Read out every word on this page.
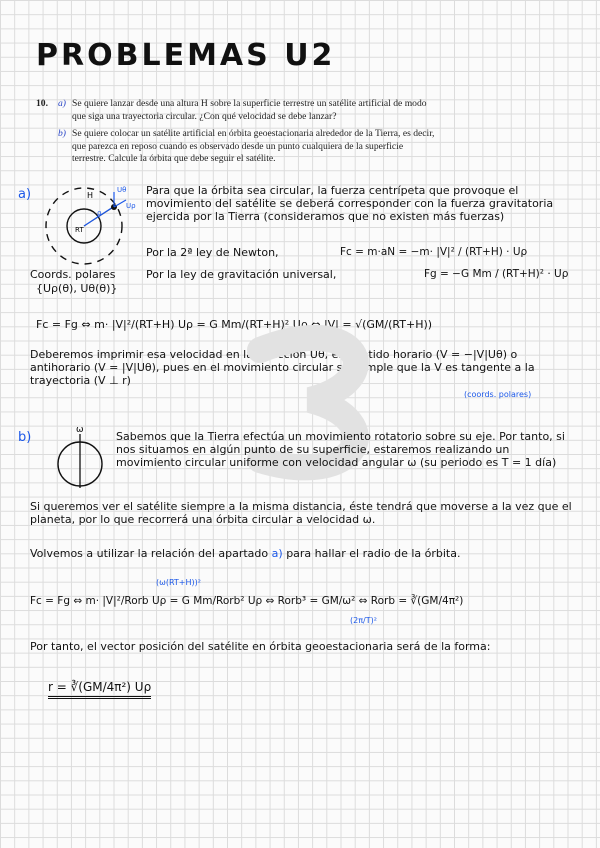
PROBLEMAS U2
10. a) Se quiere lanzar desde una altura H sobre la superficie terrestre un satélite artificial de modo que siga una trayectoria circular. ¿Con qué velocidad se debe lanzar?
b) Se quiere colocar un satélite artificial en órbita geoestacionaria alrededor de la Tierra, es decir, que parezca en reposo cuando es observado desde un punto cualquiera de la superficie terrestre. Calcule la órbita que debe seguir el satélite.
a)	H
RT
Uθ
Uρ
ρ
Para que la órbita sea circular, la fuerza centrípeta que provoque el movimiento del satélite se deberá corresponder con la fuerza gravitatoria ejercida por la Tierra (consideramos que no existen más fuerzas)
Por la 2ª ley de Newton,	Fc = m·aN = −m· |V|² / (RT+H) · Uρ
Coords. polares
{Uρ(θ), Uθ(θ)}
Por la ley de gravitación universal,	Fg = −G Mm / (RT+H)² · Uρ
Fc = Fg ⇔ m· |V|²/(RT+H) Uρ = G Mm/(RT+H)² Uρ ⇔ |V| = √(GM/(RT+H))
Deberemos imprimir esa velocidad en la dirección Uθ, en sentido horario (V = −|V|Uθ) o antihorario (V = |V|Uθ), pues en el movimiento circular se cumple que la V es tangente a la trayectoria (V ⊥ r)
(coords. polares)
b)	ω	Sabemos que la Tierra efectúa un movimiento rotatorio sobre su eje. Por tanto, si nos situamos en algún punto de su superficie, estaremos realizando un movimiento circular uniforme con velocidad angular ω (su periodo es T = 1 día)
Si queremos ver el satélite siempre a la misma distancia, éste tendrá que moverse a la vez que el planeta, por lo que recorrerá una órbita circular a velocidad ω.
Volvemos a utilizar la relación del apartado a) para hallar el radio de la órbita.
(ω(RT+H))²
Fc = Fg ⇔ m· |V|²/Rorb Uρ = G Mm/Rorb² Uρ ⇔ Rorb³ = GM/ω² ⇔ Rorb = ∛(GM/4π²)
(2π/T)²
Por tanto, el vector posición del satélite en órbita geoestacionaria será de la forma:
r = ∛(GM/4π²) Uρ
